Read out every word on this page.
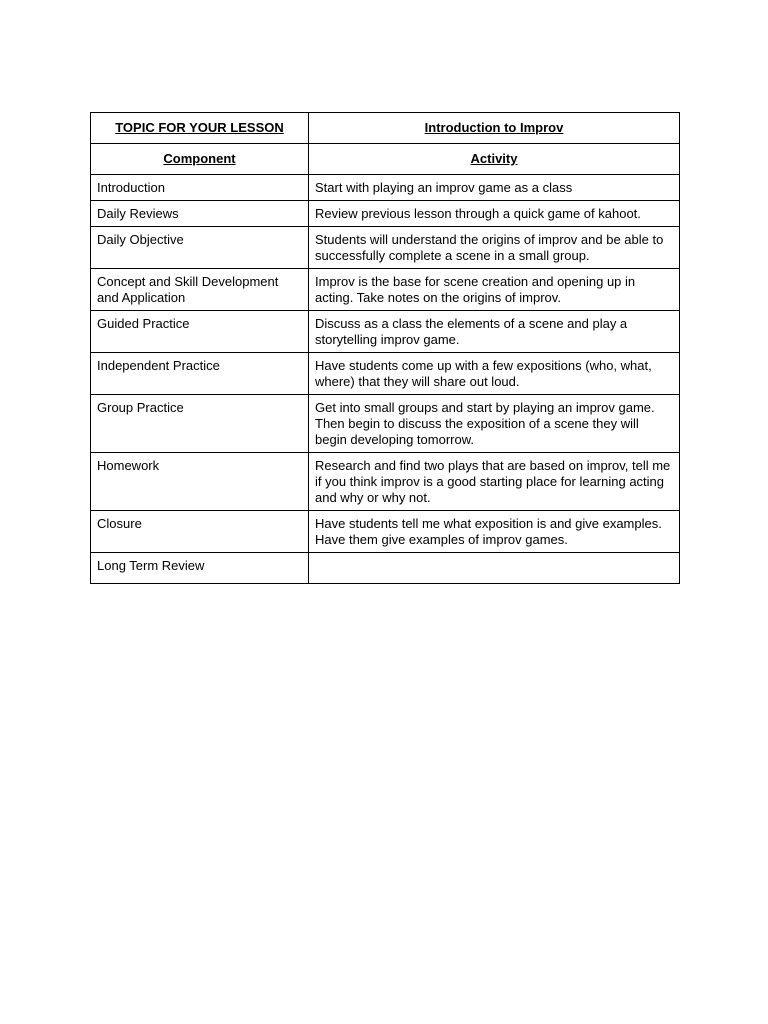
TOPIC FOR YOUR LESSON	Introduction to Improv
Component	Activity
Introduction	Start with playing an improv game as a class
Daily Reviews	Review previous lesson through a quick game of kahoot.
Daily Objective	Students will understand the origins of improv and be able to successfully complete a scene in a small group.
Concept and Skill Development and Application	Improv is the base for scene creation and opening up in acting. Take notes on the origins of improv.
Guided Practice	Discuss as a class the elements of a scene and play a storytelling improv game.
Independent Practice	Have students come up with a few expositions (who, what, where) that they will share out loud.
Group Practice	Get into small groups and start by playing an improv game. Then begin to discuss the exposition of a scene they will begin developing tomorrow.
Homework	Research and find two plays that are based on improv, tell me if you think improv is a good starting place for learning acting and why or why not.
Closure	Have students tell me what exposition is and give examples. Have them give examples of improv games.
Long Term Review	
